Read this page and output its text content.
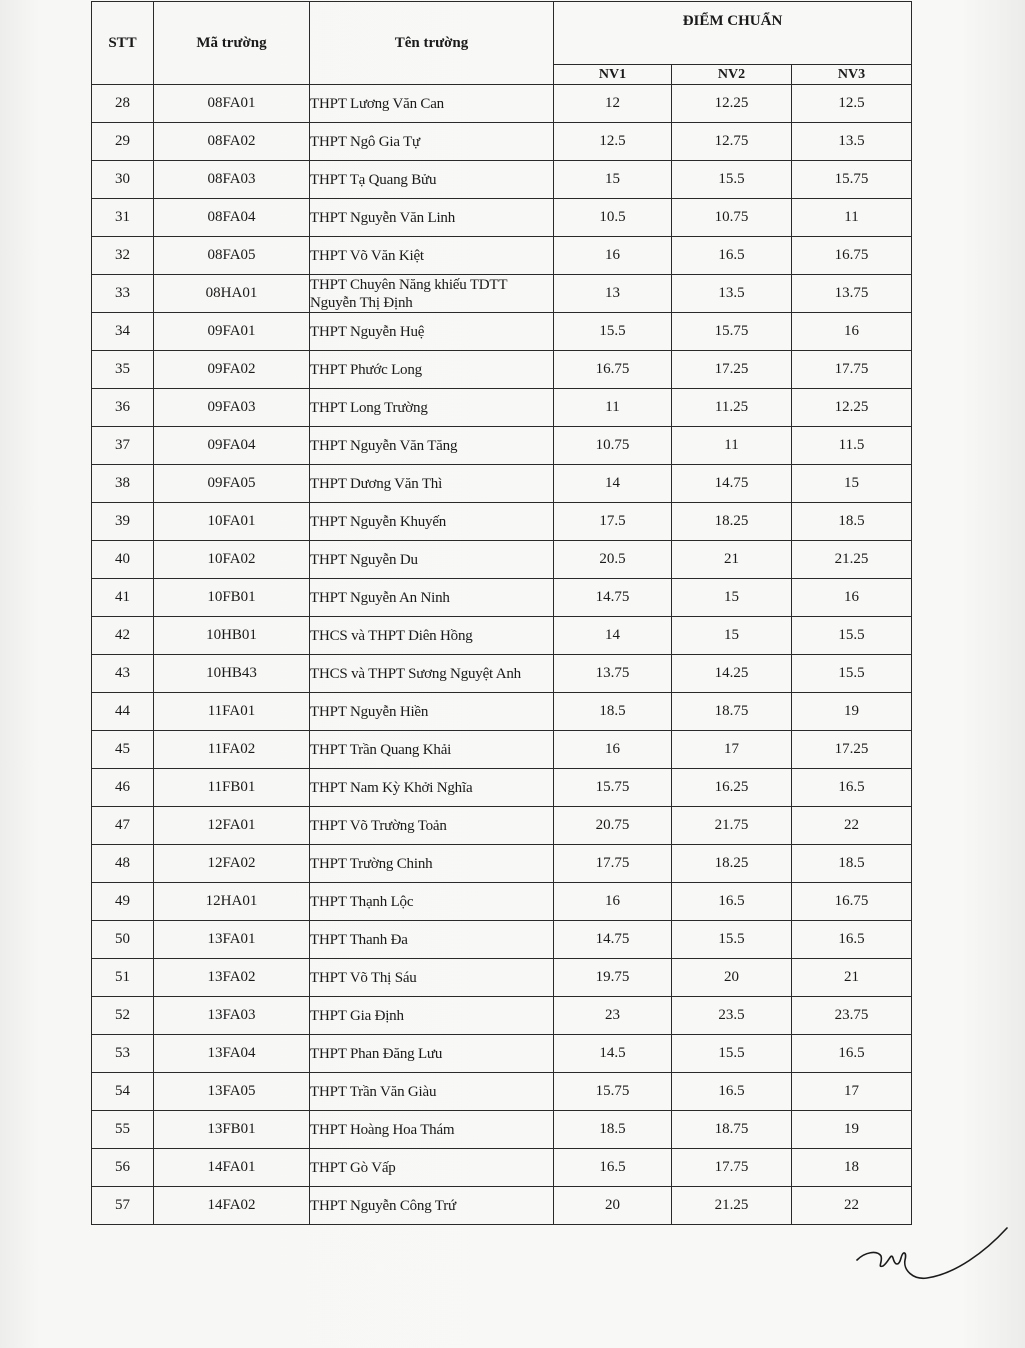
STT	Mã trường	Tên trường	ĐIỂM CHUẨN		
			NV1	NV2	NV3
28	08FA01	THPT Lương Văn Can	12	12.25	12.5
29	08FA02	THPT Ngô Gia Tự	12.5	12.75	13.5
30	08FA03	THPT Tạ Quang Bửu	15	15.5	15.75
31	08FA04	THPT Nguyễn Văn Linh	10.5	10.75	11
32	08FA05	THPT Võ Văn Kiệt	16	16.5	16.75
33	08HA01	THPT Chuyên Năng khiếu TDTT Nguyễn Thị Định	13	13.5	13.75
34	09FA01	THPT Nguyễn Huệ	15.5	15.75	16
35	09FA02	THPT Phước Long	16.75	17.25	17.75
36	09FA03	THPT Long Trường	11	11.25	12.25
37	09FA04	THPT Nguyễn Văn Tăng	10.75	11	11.5
38	09FA05	THPT Dương Văn Thì	14	14.75	15
39	10FA01	THPT Nguyễn Khuyến	17.5	18.25	18.5
40	10FA02	THPT Nguyễn Du	20.5	21	21.25
41	10FB01	THPT Nguyễn An Ninh	14.75	15	16
42	10HB01	THCS và THPT Diên Hồng	14	15	15.5
43	10HB43	THCS và THPT Sương Nguyệt Anh	13.75	14.25	15.5
44	11FA01	THPT Nguyễn Hiền	18.5	18.75	19
45	11FA02	THPT Trần Quang Khải	16	17	17.25
46	11FB01	THPT Nam Kỳ Khởi Nghĩa	15.75	16.25	16.5
47	12FA01	THPT Võ Trường Toản	20.75	21.75	22
48	12FA02	THPT Trường Chinh	17.75	18.25	18.5
49	12HA01	THPT Thạnh Lộc	16	16.5	16.75
50	13FA01	THPT Thanh Đa	14.75	15.5	16.5
51	13FA02	THPT Võ Thị Sáu	19.75	20	21
52	13FA03	THPT Gia Định	23	23.5	23.75
53	13FA04	THPT Phan Đăng Lưu	14.5	15.5	16.5
54	13FA05	THPT Trần Văn Giàu	15.75	16.5	17
55	13FB01	THPT Hoàng Hoa Thám	18.5	18.75	19
56	14FA01	THPT Gò Vấp	16.5	17.75	18
57	14FA02	THPT Nguyễn Công Trứ	20	21.25	22
